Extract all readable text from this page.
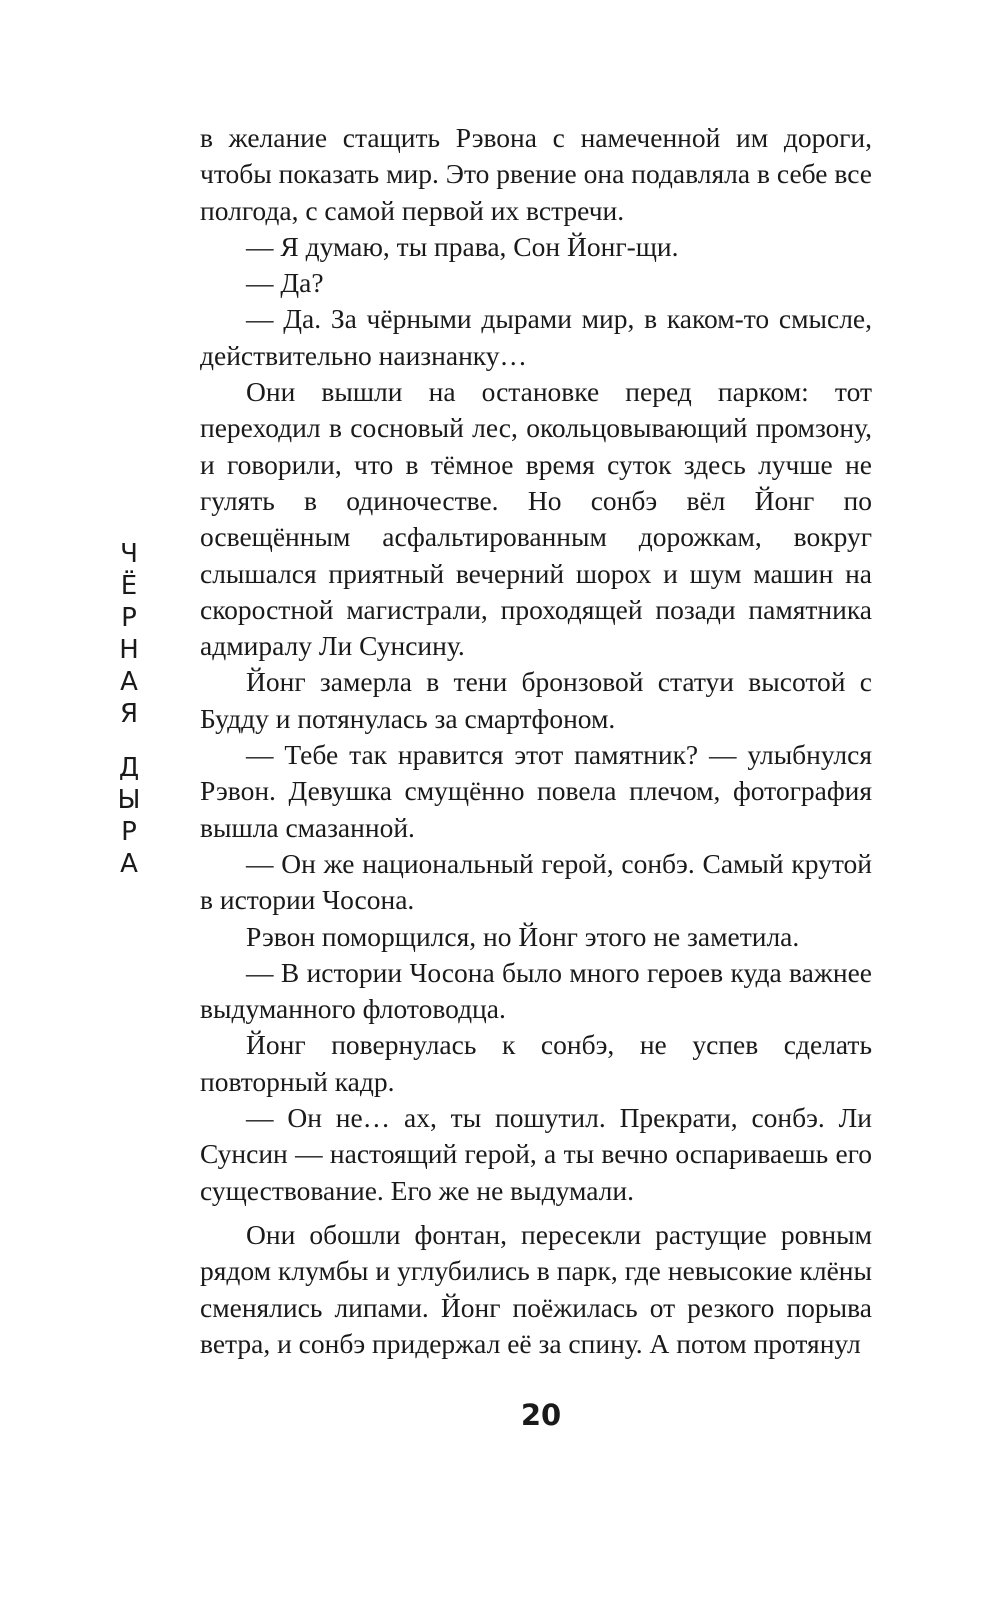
Ч
Ё
Р
Н
А
Я
Д
Ы
Р
А

в желание стащить Рэвона с намеченной им дороги, чтобы показать мир. Это рвение она подавляла в себе все полгода, с самой первой их встречи.

— Я думаю, ты права, Сон Йонг-щи.

— Да?

— Да. За чёрными дырами мир, в каком-то смысле, действительно наизнанку…

Они вышли на остановке перед парком: тот переходил в сосновый лес, окольцовывающий промзону, и говорили, что в тёмное время суток здесь лучше не гулять в одиночестве. Но сонбэ вёл Йонг по освещённым асфальтированным дорожкам, вокруг слышался приятный вечерний шорох и шум машин на скоростной магистрали, проходящей позади памятника адмиралу Ли Сунсину.

Йонг замерла в тени бронзовой статуи высотой с Будду и потянулась за смартфоном.

— Тебе так нравится этот памятник? — улыбнулся Рэвон. Девушка смущённо повела плечом, фотография вышла смазанной.

— Он же национальный герой, сонбэ. Самый крутой в истории Чосона.

Рэвон поморщился, но Йонг этого не заметила.

— В истории Чосона было много героев куда важнее выдуманного флотоводца.

Йонг повернулась к сонбэ, не успев сделать повторный кадр.

— Он не… ах, ты пошутил. Прекрати, сонбэ. Ли Сунсин — настоящий герой, а ты вечно оспариваешь его существование. Его же не выдумали.

Они обошли фонтан, пересекли растущие ровным рядом клумбы и углубились в парк, где невысокие клёны сменялись липами. Йонг поёжилась от резкого порыва ветра, и сонбэ придержал её за спину. А потом протянул

20
